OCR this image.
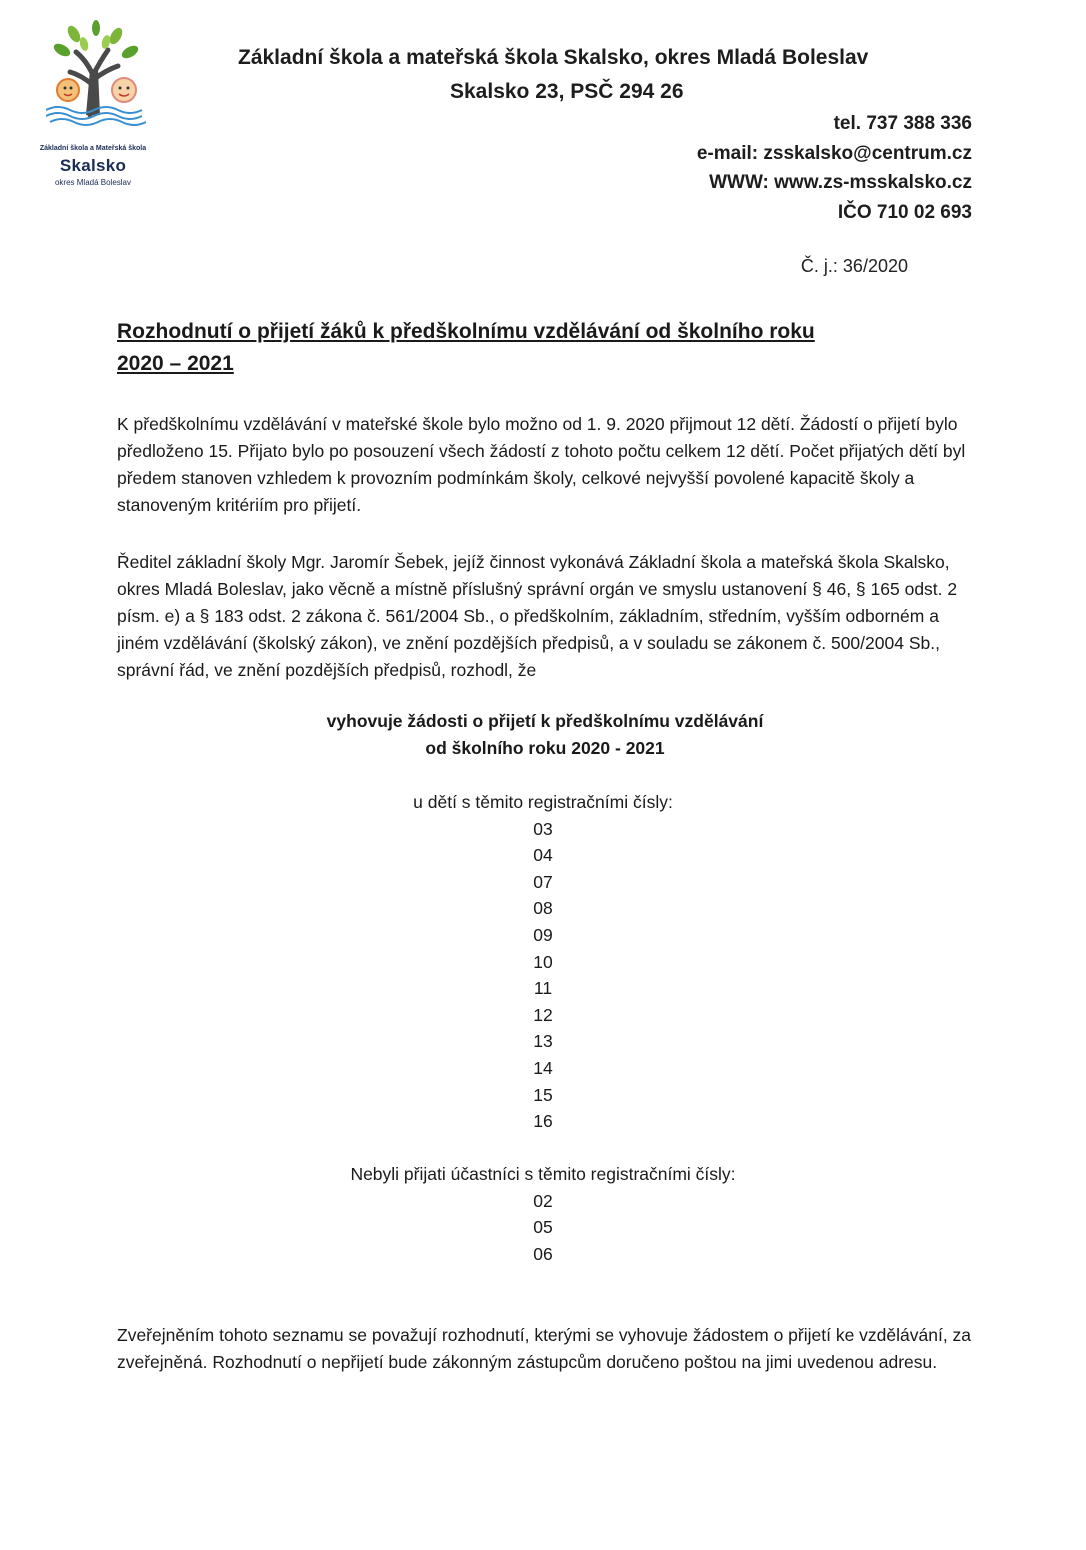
Základní škola a Mateřská škola
Skalsko
okres Mladá Boleslav
Základní škola a mateřská škola Skalsko, okres Mladá Boleslav
Skalsko 23, PSČ 294 26
tel. 737 388 336
e-mail: zsskalsko@centrum.cz
WWW: www.zs-msskalsko.cz
IČO 710 02 693
Č. j.: 36/2020
Rozhodnutí o přijetí žáků k předškolnímu vzdělávání od školního roku
2020 – 2021

K předškolnímu vzdělávání v mateřské škole bylo možno od 1. 9. 2020 přijmout 12 dětí. Žádostí o přijetí bylo předloženo 15. Přijato bylo po posouzení všech žádostí z tohoto počtu celkem 12 dětí. Počet přijatých dětí byl předem stanoven vzhledem k provozním podmínkám školy, celkové nejvyšší povolené kapacitě školy a stanoveným kritériím pro přijetí.

Ředitel základní školy Mgr. Jaromír Šebek, jejíž činnost vykonává Základní škola a mateřská škola Skalsko, okres Mladá Boleslav, jako věcně a místně příslušný správní orgán ve smyslu ustanovení § 46, § 165 odst. 2 písm. e) a § 183 odst. 2 zákona č. 561/2004 Sb., o předškolním, základním, středním, vyšším odborném a jiném vzdělávání (školský zákon), ve znění pozdějších předpisů, a v souladu se zákonem č. 500/2004 Sb., správní řád, ve znění pozdějších předpisů, rozhodl, že

vyhovuje žádosti o přijetí k předškolnímu vzdělávání
od školního roku 2020 - 2021
u dětí s těmito registračními čísly:
03
04
07
08
09
10
11
12
13
14
15
16
Nebyli přijati účastníci s těmito registračními čísly:
02
05
06

Zveřejněním tohoto seznamu se považují rozhodnutí, kterými se vyhovuje žádostem o přijetí ke vzdělávání, za zveřejněná. Rozhodnutí o nepřijetí bude zákonným zástupcům doručeno poštou na jimi uvedenou adresu.
